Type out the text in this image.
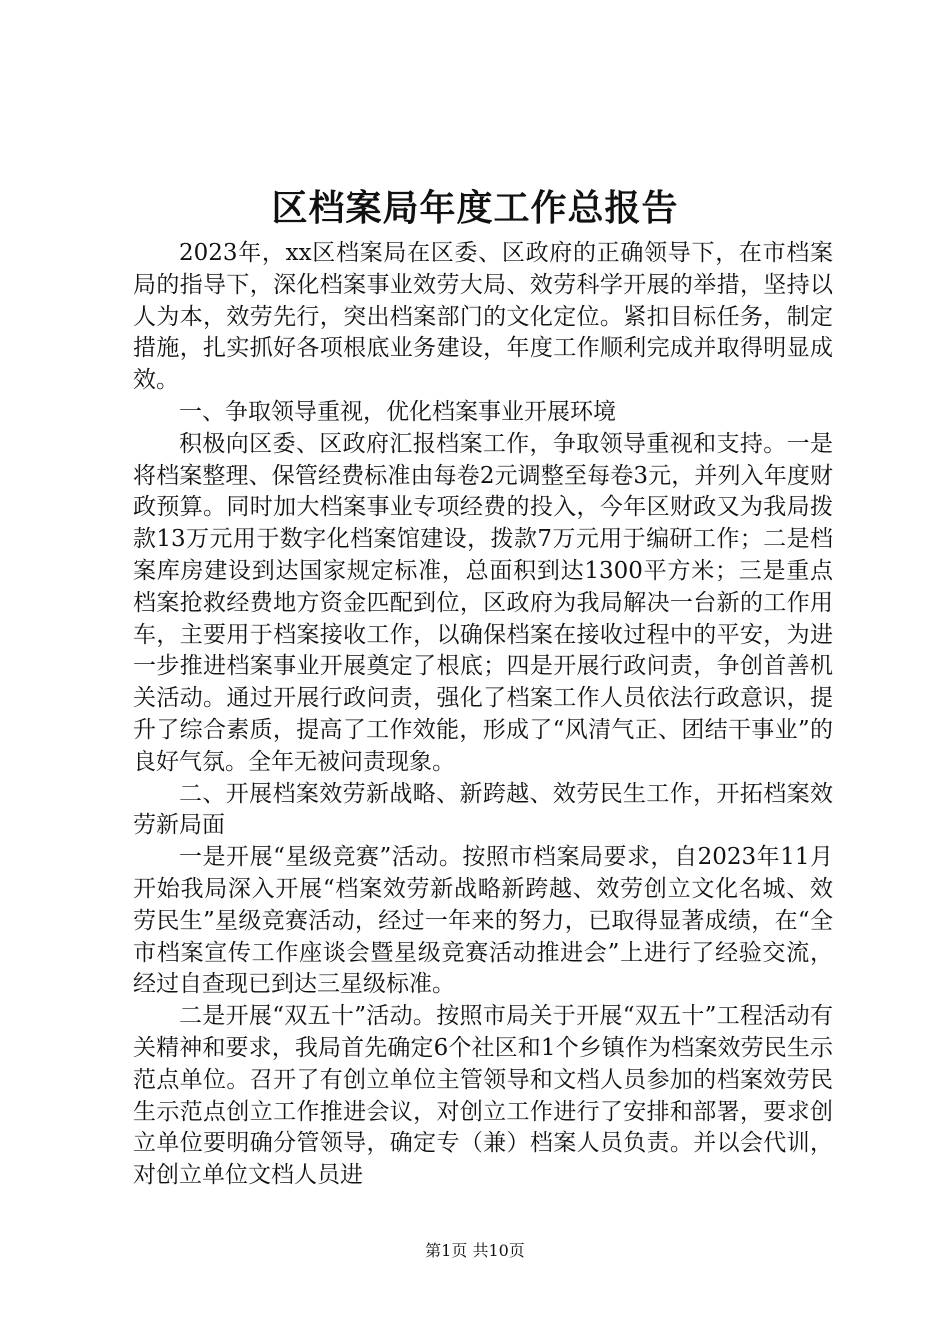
区档案局年度工作总报告

2023年，xx区档案局在区委、区政府的正确领导下，在市档案局的指导下，深化档案事业效劳大局、效劳科学开展的举措，坚持以人为本，效劳先行，突出档案部门的文化定位。紧扣目标任务，制定措施，扎实抓好各项根底业务建设，年度工作顺利完成并取得明显成效。

一、争取领导重视，优化档案事业开展环境

积极向区委、区政府汇报档案工作，争取领导重视和支持。一是将档案整理、保管经费标准由每卷2元调整至每卷3元，并列入年度财政预算。同时加大档案事业专项经费的投入，今年区财政又为我局拨款13万元用于数字化档案馆建设，拨款7万元用于编研工作；二是档案库房建设到达国家规定标准，总面积到达1300平方米；三是重点档案抢救经费地方资金匹配到位，区政府为我局解决一台新的工作用车，主要用于档案接收工作，以确保档案在接收过程中的平安，为进一步推进档案事业开展奠定了根底；四是开展行政问责，争创首善机关活动。通过开展行政问责，强化了档案工作人员依法行政意识，提升了综合素质，提高了工作效能，形成了“风清气正、团结干事业”的良好气氛。全年无被问责现象。

二、开展档案效劳新战略、新跨越、效劳民生工作，开拓档案效劳新局面

一是开展“星级竞赛”活动。按照市档案局要求，自2023年11月开始我局深入开展“档案效劳新战略新跨越、效劳创立文化名城、效劳民生”星级竞赛活动，经过一年来的努力，已取得显著成绩，在“全市档案宣传工作座谈会暨星级竞赛活动推进会”上进行了经验交流，经过自查现已到达三星级标准。

二是开展“双五十”活动。按照市局关于开展“双五十”工程活动有关精神和要求，我局首先确定6个社区和1个乡镇作为档案效劳民生示范点单位。召开了有创立单位主管领导和文档人员参加的档案效劳民生示范点创立工作推进会议，对创立工作进行了安排和部署，要求创立单位要明确分管领导，确定专（兼）档案人员负责。并以会代训，对创立单位文档人员进

第1页 共10页
